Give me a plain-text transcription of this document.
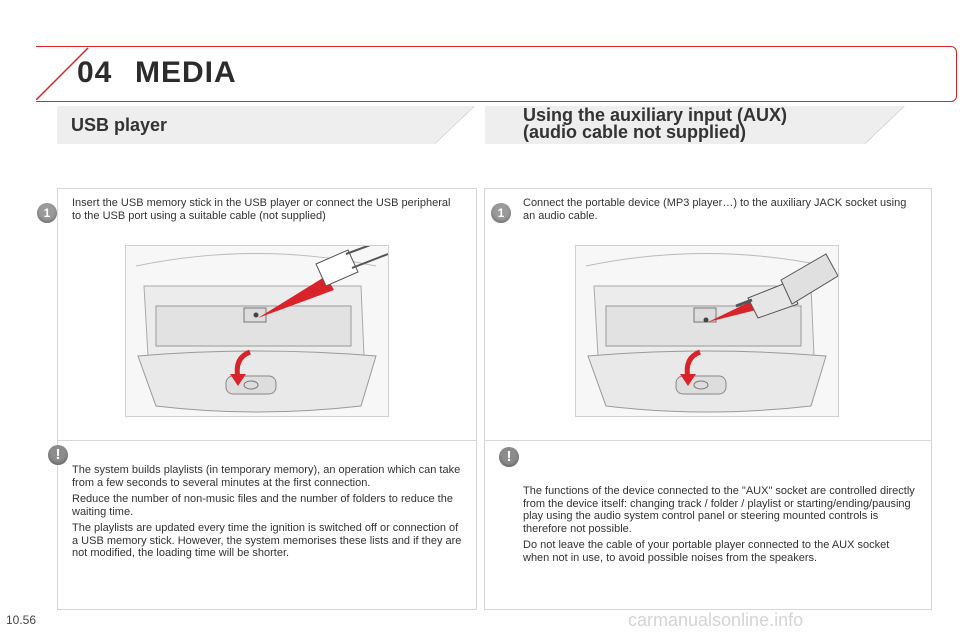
04 MEDIA
USB player	Using the auxiliary input (AUX)
(audio cable not supplied)
1
Insert the USB memory stick in the USB player or connect the USB peripheral to the USB port using a suitable cable (not supplied)
!

The system builds playlists (in temporary memory), an operation which can take from a few seconds to several minutes at the first connection.

Reduce the number of non-music files and the number of folders to reduce the waiting time.

The playlists are updated every time the ignition is switched off or connection of a USB memory stick. However, the system memorises these lists and if they are not modified, the loading time will be shorter.

1
Connect the portable device (MP3 player…) to the auxiliary JACK socket using an audio cable.
!

The functions of the device connected to the "AUX" socket are controlled directly from the device itself: changing track / folder / playlist or starting/ending/pausing play using the audio system control panel or steering mounted controls is therefore not possible.

Do not leave the cable of your portable player connected to the AUX socket when not in use, to avoid possible noises from the speakers.

10.56	carmanualsonline.info
